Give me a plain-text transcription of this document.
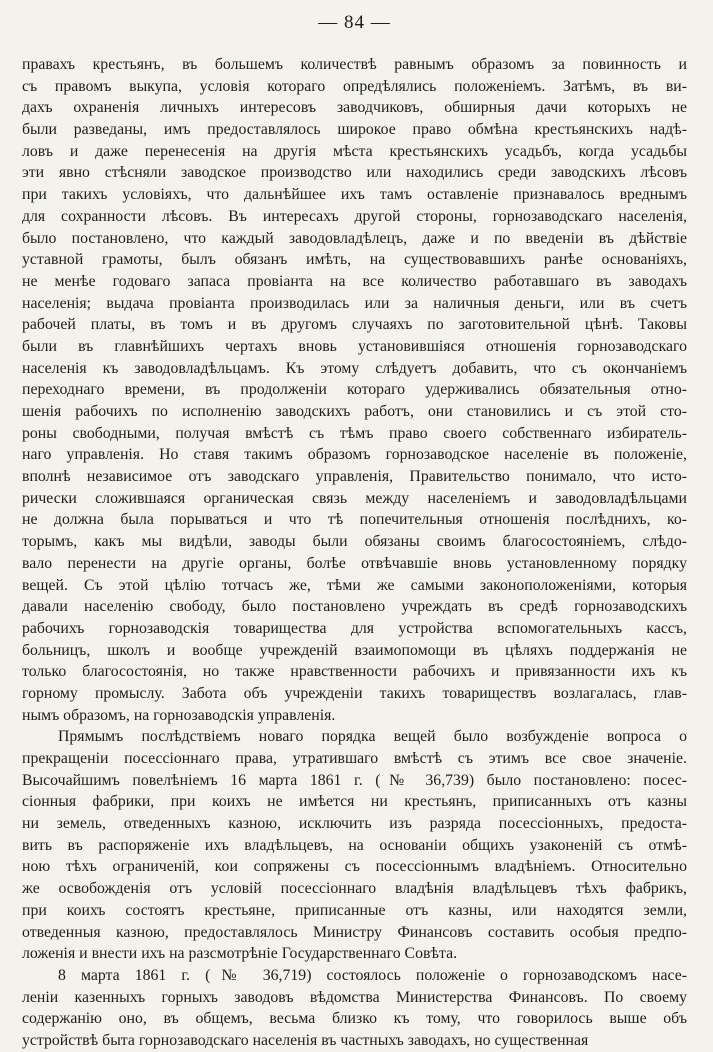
— 84 —
правахъ крестьянъ, въ большемъ количествѣ равнымъ образомъ за повинность и
съ правомъ выкупа, условія котораго опредѣлялись положеніемъ. Затѣмъ, въ ви-
дахъ охраненія личныхъ интересовъ заводчиковъ, обширныя дачи которыхъ не
были разведаны, имъ предоставлялось широкое право обмѣна крестьянскихъ надѣ-
ловъ и даже перенесенія на другія мѣста крестьянскихъ усадьбъ, когда усадьбы
эти явно стѣсняли заводское производство или находились среди заводскихъ лѣсовъ
при такихъ условіяхъ, что дальнѣйшее ихъ тамъ оставленіе признавалось вреднымъ
для сохранности лѣсовъ. Въ интересахъ другой стороны, горнозаводскаго населенія,
было постановлено, что каждый заводовладѣлецъ, даже и по введеніи въ дѣйствіе
уставной грамоты, былъ обязанъ имѣть, на существовавшихъ ранѣе основаніяхъ,
не менѣе годоваго запаса провіанта на все количество работавшаго въ заводахъ
населенія; выдача провіанта производилась или за наличныя деньги, или въ счетъ
рабочей платы, въ томъ и въ другомъ случаяхъ по заготовительной цѣнѣ. Таковы
были въ главнѣйшихъ чертахъ вновь установившіяся отношенія горнозаводскаго
населенія къ заводовладѣльцамъ. Къ этому слѣдуетъ добавить, что съ окончаніемъ
переходнаго времени, въ продолженіи котораго удерживались обязательныя отно-
шенія рабочихъ по исполненію заводскихъ работъ, они становились и съ этой сто-
роны свободными, получая вмѣстѣ съ тѣмъ право своего собственнаго избиратель-
наго управленія. Но ставя такимъ образомъ горнозаводское населеніе въ положеніе,
вполнѣ независимое отъ заводскаго управленія, Правительство понимало, что истo-
рически сложившаяся органическая связь между населеніемъ и заводовладѣльцами
не должна была порываться и что тѣ попечительныя отношенія послѣднихъ, ко-
торымъ, какъ мы видѣли, заводы были обязаны своимъ благосостояніемъ, слѣдо-
вало перенести на другіе органы, болѣе отвѣчавшіе вновь установленному порядку
вещей. Съ этой цѣлію тотчасъ же, тѣми же самыми законоположеніями, которыя
давали населенію свободу, было постановлено учреждать въ средѣ горнозаводскихъ
рабочихъ горнозаводскія товарищества для устройства вспомогательныхъ кассъ,
больницъ, школъ и вообще учрежденій взаимопомощи въ цѣляхъ поддержанія не
только благосостоянія, но также нравственности рабочихъ и привязанности ихъ къ
горному промыслу. Забота объ учрежденіи такихъ товариществъ возлагалась, глав-
нымъ образомъ, на горнозаводскія управленія.
Прямымъ послѣдствіемъ новаго порядка вещей было возбужденіе вопроса о
прекращеніи посессіоннаго права, утратившаго вмѣстѣ съ этимъ все свое значеніе.
Высочайшимъ повелѣніемъ 16 марта 1861 г. (№ 36,739) было постановлено: посес-
сіонныя фабрики, при коихъ не имѣется ни крестьянъ, приписанныхъ отъ казны
ни земель, отведенныхъ казною, исключить изъ разряда посессіонныхъ, предоста-
вить въ распоряженіе ихъ владѣльцевъ, на основаніи общихъ узаконеній съ отмѣ-
ною тѣхъ ограниченій, кои сопряжены съ посессіоннымъ владѣніемъ. Относительно
же освобожденія отъ условій посессіоннаго владѣнія владѣльцевъ тѣхъ фабрикъ,
при коихъ состоятъ крестьяне, приписанные отъ казны, или находятся земли,
отведенныя казною, предоставлялось Министру Финансовъ составить особыя предпо-
ложенія и внести ихъ на разсмотрѣніе Государственнаго Совѣта.
8 марта 1861 г. (№ 36,719) состоялось положеніе о горнозаводскомъ насе-
леніи казенныхъ горныхъ заводовъ вѣдомства Министерства Финансовъ. По своему
содержанію оно, въ общемъ, весьма близко къ тому, что говорилось выше объ
устройствѣ быта горнозаводскаго населенія въ частныхъ заводахъ, но существенная
